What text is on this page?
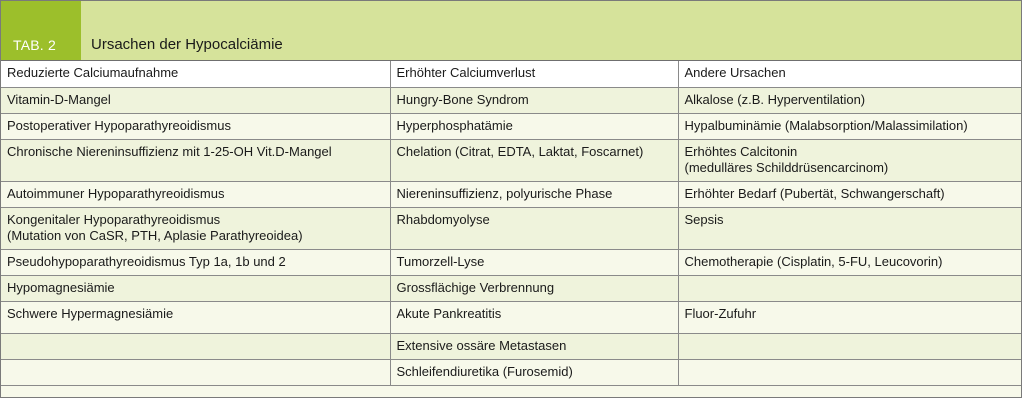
TAB. 2 Ursachen der Hypocalciämie
Reduzierte Calciumaufnahme	Erhöhter Calciumverlust	Andere Ursachen
Vitamin-D-Mangel	Hungry-Bone Syndrom	Alkalose (z.B. Hyperventilation)
Postoperativer Hypoparathyreoidismus	Hyperphosphatämie	Hypalbuminämie (Malabsorption/Malassimilation)
Chronische Niereninsuffizienz mit 1-25-OH Vit.D-Mangel	Chelation (Citrat, EDTA, Laktat, Foscarnet)	Erhöhtes Calcitonin
(medulläres Schilddrüsencarcinom)

Autoimmuner Hypoparathyreoidismus	Niereninsuffizienz, polyurische Phase	Erhöhter Bedarf (Pubertät, Schwangerschaft)

Kongenitaler Hypoparathyreoidismus
(Mutation von CaSR, PTH, Aplasie Parathyreoidea)	Rhabdomyolyse	Sepsis
Pseudohypoparathyreoidismus Typ 1a, 1b und 2	Tumorzell-Lyse	Chemotherapie (Cisplatin, 5-FU, Leucovorin)
Hypomagnesiämie	Grossflächige Verbrennung	
Schwere Hypermagnesiämie	Akute Pankreatitis	Fluor-Zufuhr
	Extensive ossäre Metastasen	
	Schleifendiuretika (Furosemid)	
